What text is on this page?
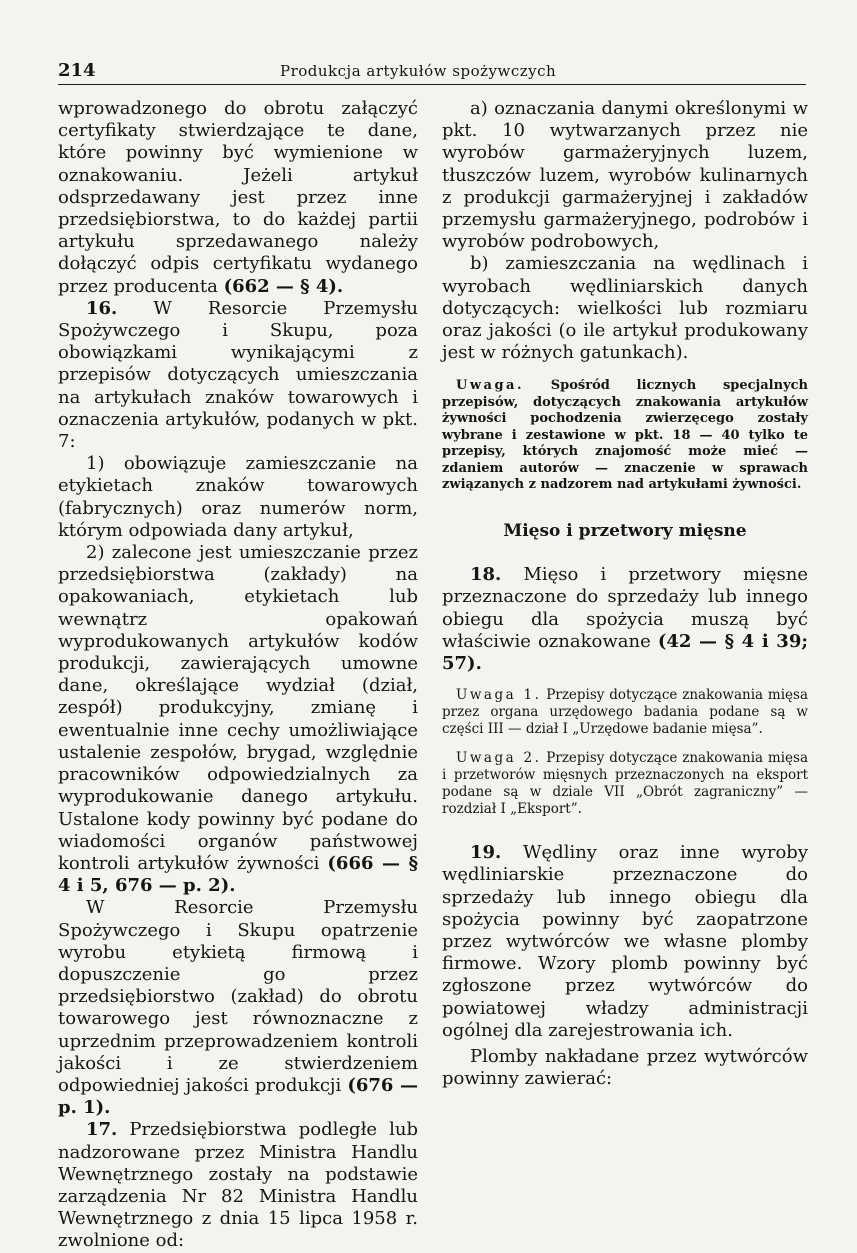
214	Produkcja artykułów spożywczych

wprowadzonego do obrotu załączyć certyfikaty stwierdzające te dane, które powinny być wymienione w oznakowaniu. Jeżeli artykuł odsprzedawany jest przez inne przedsiębiorstwa, to do każdej partii artykułu sprzedawanego należy dołączyć odpis certyfikatu wydanego przez producenta (662 — § 4).

16. W Resorcie Przemysłu Spożywczego i Skupu, poza obowiązkami wynikającymi z przepisów dotyczących umieszczania na artykułach znaków towarowych i oznaczenia artykułów, podanych w pkt. 7:

1) obowiązuje zamieszczanie na etykietach znaków towarowych (fabrycznych) oraz numerów norm, którym odpowiada dany artykuł,

2) zalecone jest umieszczanie przez przedsiębiorstwa (zakłady) na opakowaniach, etykietach lub wewnątrz opakowań wyprodukowanych artykułów kodów produkcji, zawierających umowne dane, określające wydział (dział, zespół) produkcyjny, zmianę i ewentualnie inne cechy umożliwiające ustalenie zespołów, brygad, względnie pracowników odpowiedzialnych za wyprodukowanie danego artykułu. Ustalone kody powinny być podane do wiadomości organów państwowej kontroli artykułów żywności (666 — § 4 i 5, 676 — p. 2).

W Resorcie Przemysłu Spożywczego i Skupu opatrzenie wyrobu etykietą firmową i dopuszczenie go przez przedsiębiorstwo (zakład) do obrotu towarowego jest równoznaczne z uprzednim przeprowadzeniem kontroli jakości i ze stwierdzeniem odpowiedniej jakości produkcji (676 — p. 1).

17. Przedsiębiorstwa podległe lub nadzorowane przez Ministra Handlu Wewnętrznego zostały na podstawie zarządzenia Nr 82 Ministra Handlu Wewnętrznego z dnia 15 lipca 1958 r. zwolnione od:

a) oznaczania danymi określonymi w pkt. 10 wytwarzanych przez nie wyrobów garmażeryjnych luzem, tłuszczów luzem, wyrobów kulinarnych z produkcji garmażeryjnej i zakładów przemysłu garmażeryjnego, podrobów i wyrobów podrobowych,

b) zamieszczania na wędlinach i wyrobach wędliniarskich danych dotyczących: wielkości lub rozmiaru oraz jakości (o ile artykuł produkowany jest w różnych gatunkach).

Uwaga. Spośród licznych specjalnych przepisów, dotyczących znakowania artykułów żywności pochodzenia zwierzęcego zostały wybrane i zestawione w pkt. 18 — 40 tylko te przepisy, których znajomość może mieć — zdaniem autorów — znaczenie w sprawach związanych z nadzorem nad artykułami żywności.

Mięso i przetwory mięsne

18. Mięso i przetwory mięsne przeznaczone do sprzedaży lub innego obiegu dla spożycia muszą być właściwie oznakowane (42 — § 4 i 39; 57).

Uwaga 1. Przepisy dotyczące znakowania mięsa przez organa urzędowego badania podane są w części III — dział I „Urzędowe badanie mięsa”.

Uwaga 2. Przepisy dotyczące znakowania mięsa i przetworów mięsnych przeznaczonych na eksport podane są w dziale VII „Obrót zagraniczny” — rozdział I „Eksport”.

19. Wędliny oraz inne wyroby wędliniarskie przeznaczone do sprzedaży lub innego obiegu dla spożycia powinny być zaopatrzone przez wytwórców we własne plomby firmowe. Wzory plomb powinny być zgłoszone przez wytwórców do powiatowej władzy administracji ogólnej dla zarejestrowania ich.

Plomby nakładane przez wytwórców powinny zawierać:
